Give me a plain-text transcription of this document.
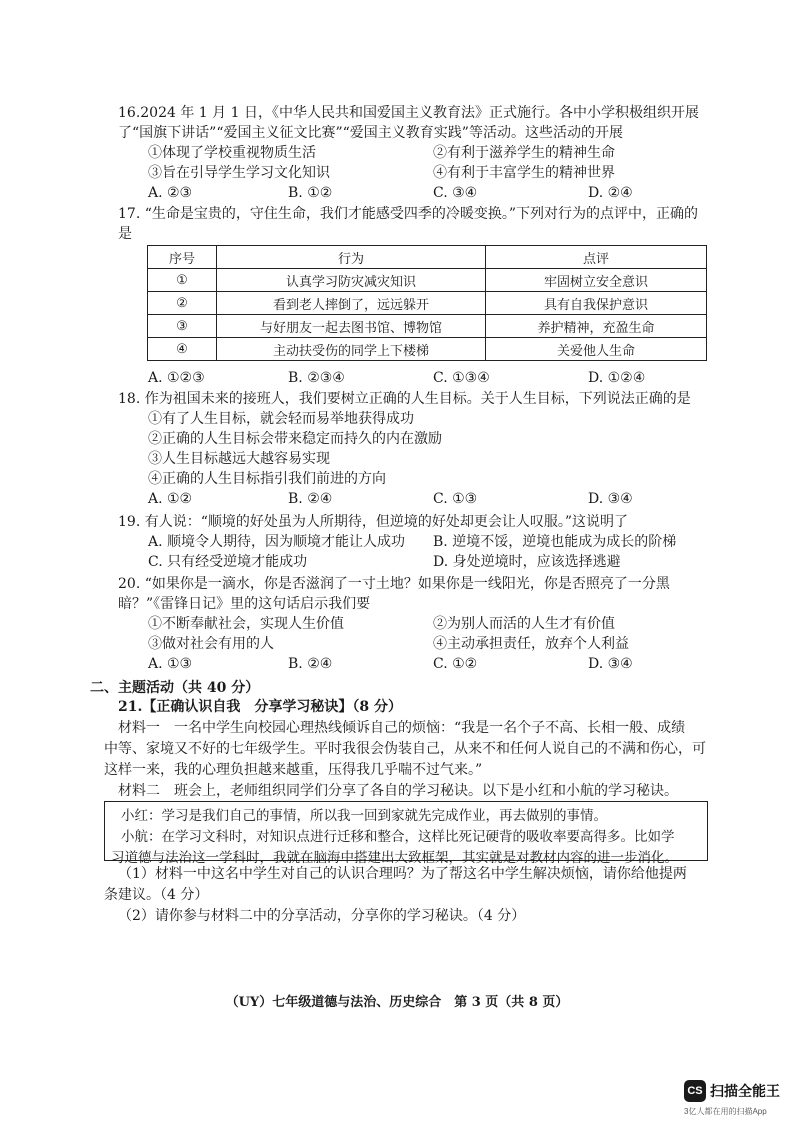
16.2024 年 1 月 1 日，《中华人民共和国爱国主义教育法》正式施行。各中小学积极组织开展
了“国旗下讲话”“爱国主义征文比赛”“爱国主义教育实践”等活动。这些活动的开展
①体现了学校重视物质生活	②有利于滋养学生的精神生命
③旨在引导学生学习文化知识	④有利于丰富学生的精神世界
A. ②③	B. ①②	C. ③④	D. ②④
17. “生命是宝贵的，守住生命，我们才能感受四季的冷暖变换。”下列对行为的点评中，正确的
是
序号	行为	点评
①	认真学习防灾减灾知识	牢固树立安全意识
②	看到老人摔倒了，远远躲开	具有自我保护意识
③	与好朋友一起去图书馆、博物馆	养护精神，充盈生命
④	主动扶受伤的同学上下楼梯	关爱他人生命
A. ①②③	B. ②③④	C. ①③④	D. ①②④
18. 作为祖国未来的接班人，我们要树立正确的人生目标。关于人生目标，下列说法正确的是
①有了人生目标，就会轻而易举地获得成功
②正确的人生目标会带来稳定而持久的内在激励
③人生目标越远大越容易实现
④正确的人生目标指引我们前进的方向
A. ①②	B. ②④	C. ①③	D. ③④
19. 有人说：“顺境的好处虽为人所期待，但逆境的好处却更会让人叹服。”这说明了
A. 顺境令人期待，因为顺境才能让人成功	B. 逆境不馁，逆境也能成为成长的阶梯
C. 只有经受逆境才能成功	D. 身处逆境时，应该选择逃避
20. “如果你是一滴水，你是否滋润了一寸土地？如果你是一线阳光，你是否照亮了一分黑
暗？”《雷锋日记》里的这句话启示我们要
①不断奉献社会，实现人生价值	②为别人而活的人生才有价值
③做对社会有用的人	④主动承担责任，放弃个人利益
A. ①③	B. ②④	C. ①②	D. ③④
二、主题活动（共 40 分）
21.【正确认识自我　分享学习秘诀】（8 分）
材料一　一名中学生向校园心理热线倾诉自己的烦恼：“我是一名个子不高、长相一般、成绩
中等、家境又不好的七年级学生。平时我很会伪装自己，从来不和任何人说自己的不满和伤心，可
这样一来，我的心理负担越来越重，压得我几乎喘不过气来。”
材料二　班会上，老师组织同学们分享了各自的学习秘诀。以下是小红和小航的学习秘诀。
小红：学习是我们自己的事情，所以我一回到家就先完成作业，再去做别的事情。
小航：在学习文科时，对知识点进行迁移和整合，这样比死记硬背的吸收率要高得多。比如学
习道德与法治这一学科时，我就在脑海中搭建出大致框架，其实就是对教材内容的进一步消化。
（1）材料一中这名中学生对自己的认识合理吗？为了帮这名中学生解决烦恼，请你给他提两
条建议。（4 分）
（2）请你参与材料二中的分享活动，分享你的学习秘诀。（4 分）
（UY）七年级道德与法治、历史综合　第 3 页（共 8 页）
CS 扫描全能王
3亿人都在用的扫描App
